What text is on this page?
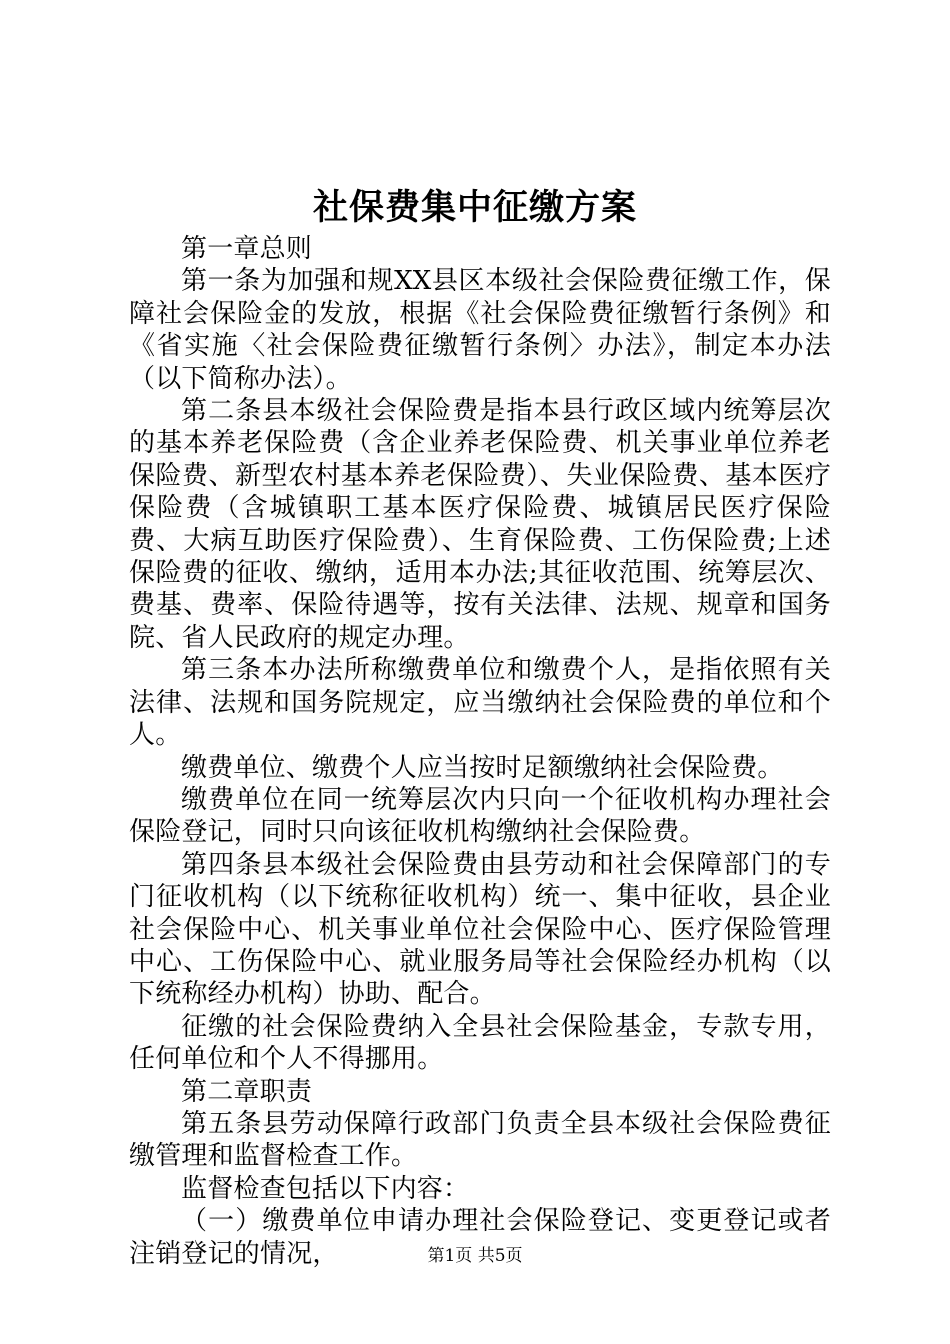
社保费集中征缴方案

第一章总则

第一条为加强和规XX县区本级社会保险费征缴工作，保障社会保险金的发放，根据《社会保险费征缴暂行条例》和《省实施〈社会保险费征缴暂行条例〉办法》，制定本办法（以下简称办法）。

第二条县本级社会保险费是指本县行政区域内统筹层次的基本养老保险费（含企业养老保险费、机关事业单位养老保险费、新型农村基本养老保险费）、失业保险费、基本医疗保险费（含城镇职工基本医疗保险费、城镇居民医疗保险费、大病互助医疗保险费）、生育保险费、工伤保险费;上述保险费的征收、缴纳，适用本办法;其征收范围、统筹层次、费基、费率、保险待遇等，按有关法律、法规、规章和国务院、省人民政府的规定办理。

第三条本办法所称缴费单位和缴费个人，是指依照有关法律、法规和国务院规定，应当缴纳社会保险费的单位和个人。

缴费单位、缴费个人应当按时足额缴纳社会保险费。

缴费单位在同一统筹层次内只向一个征收机构办理社会保险登记，同时只向该征收机构缴纳社会保险费。

第四条县本级社会保险费由县劳动和社会保障部门的专门征收机构（以下统称征收机构）统一、集中征收，县企业社会保险中心、机关事业单位社会保险中心、医疗保险管理中心、工伤保险中心、就业服务局等社会保险经办机构（以下统称经办机构）协助、配合。

征缴的社会保险费纳入全县社会保险基金，专款专用，任何单位和个人不得挪用。

第二章职责

第五条县劳动保障行政部门负责全县本级社会保险费征缴管理和监督检查工作。

监督检查包括以下内容：

（一）缴费单位申请办理社会保险登记、变更登记或者注销登记的情况，	第1页 共5页
